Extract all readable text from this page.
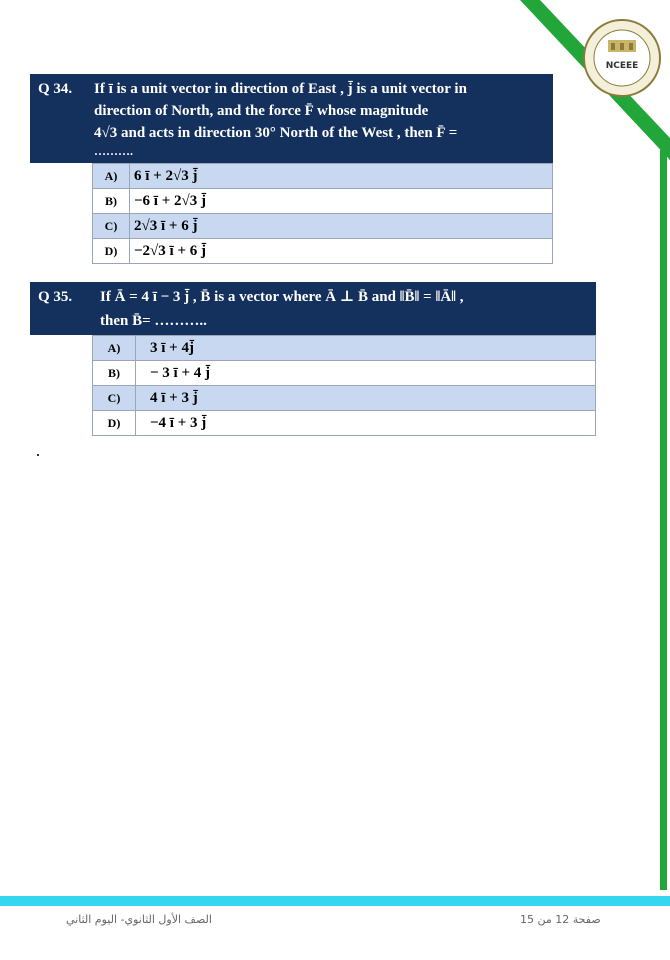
NCEEE
Q 34. If ī is a unit vector in direction of East , j̄ is a unit vector in
direction of North, and the force F̄ whose magnitude
4√3 and acts in direction 30° North of the West , then F̄ =
……….
A)	6 ī + 2√3 j̄
B)	−6 ī + 2√3 j̄
C)	2√3 ī + 6 j̄
D)	−2√3 ī + 6 j̄
Q 35. If Ā = 4 ī − 3 j̄ , B̄ is a vector where Ā ⊥ B̄ and ‖B̄‖ = ‖Ā‖ ,
then B̄= ………..
A)	3 ī + 4j̄
B)	− 3 ī + 4 j̄
C)	4 ī + 3 j̄
D)	−4 ī + 3 j̄
الصف الأول الثانوي- اليوم الثاني	صفحة 12 من 15
